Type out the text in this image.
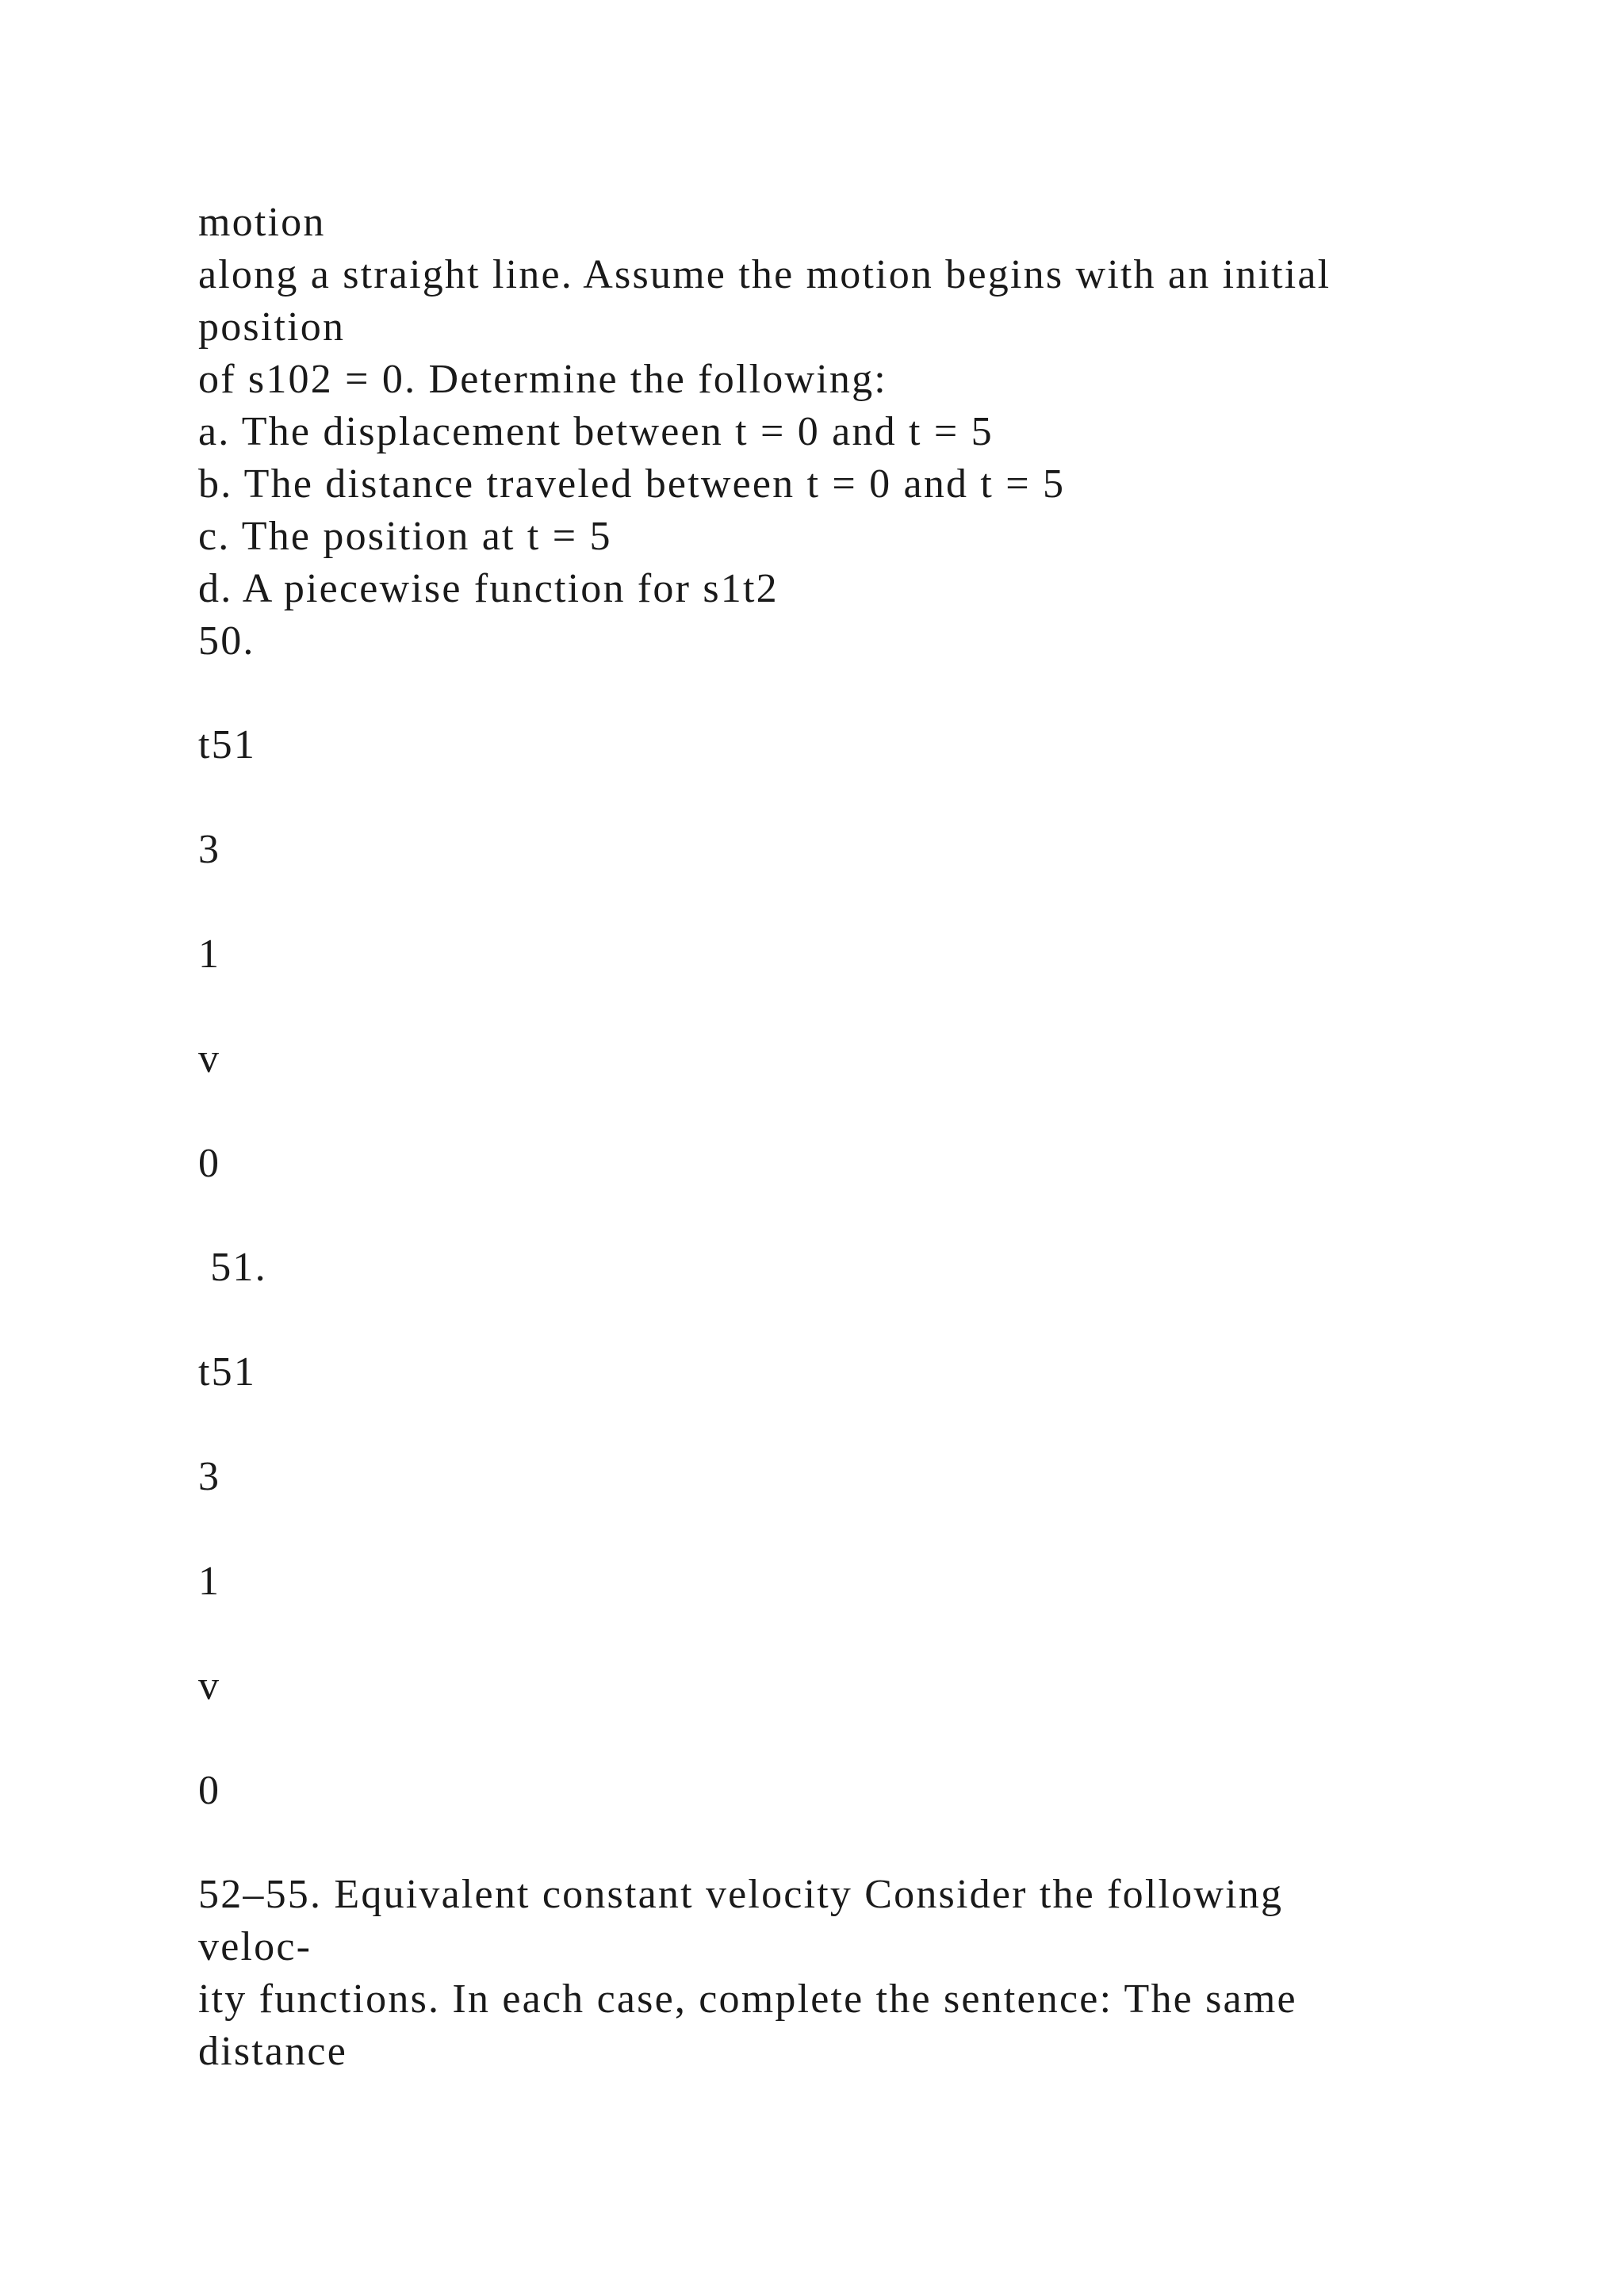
motion
along a straight line. Assume the motion begins with an initial
position
of s102 = 0. Determine the following:
a. The displacement between t = 0 and t = 5
b. The distance traveled between t = 0 and t = 5
c. The position at t = 5
d. A piecewise function for s1t2
50.
t51
3
1
v
0
51.
t51
3
1
v
0
52–55. Equivalent constant velocity Consider the following
veloc-
ity functions. In each case, complete the sentence: The same
distance
